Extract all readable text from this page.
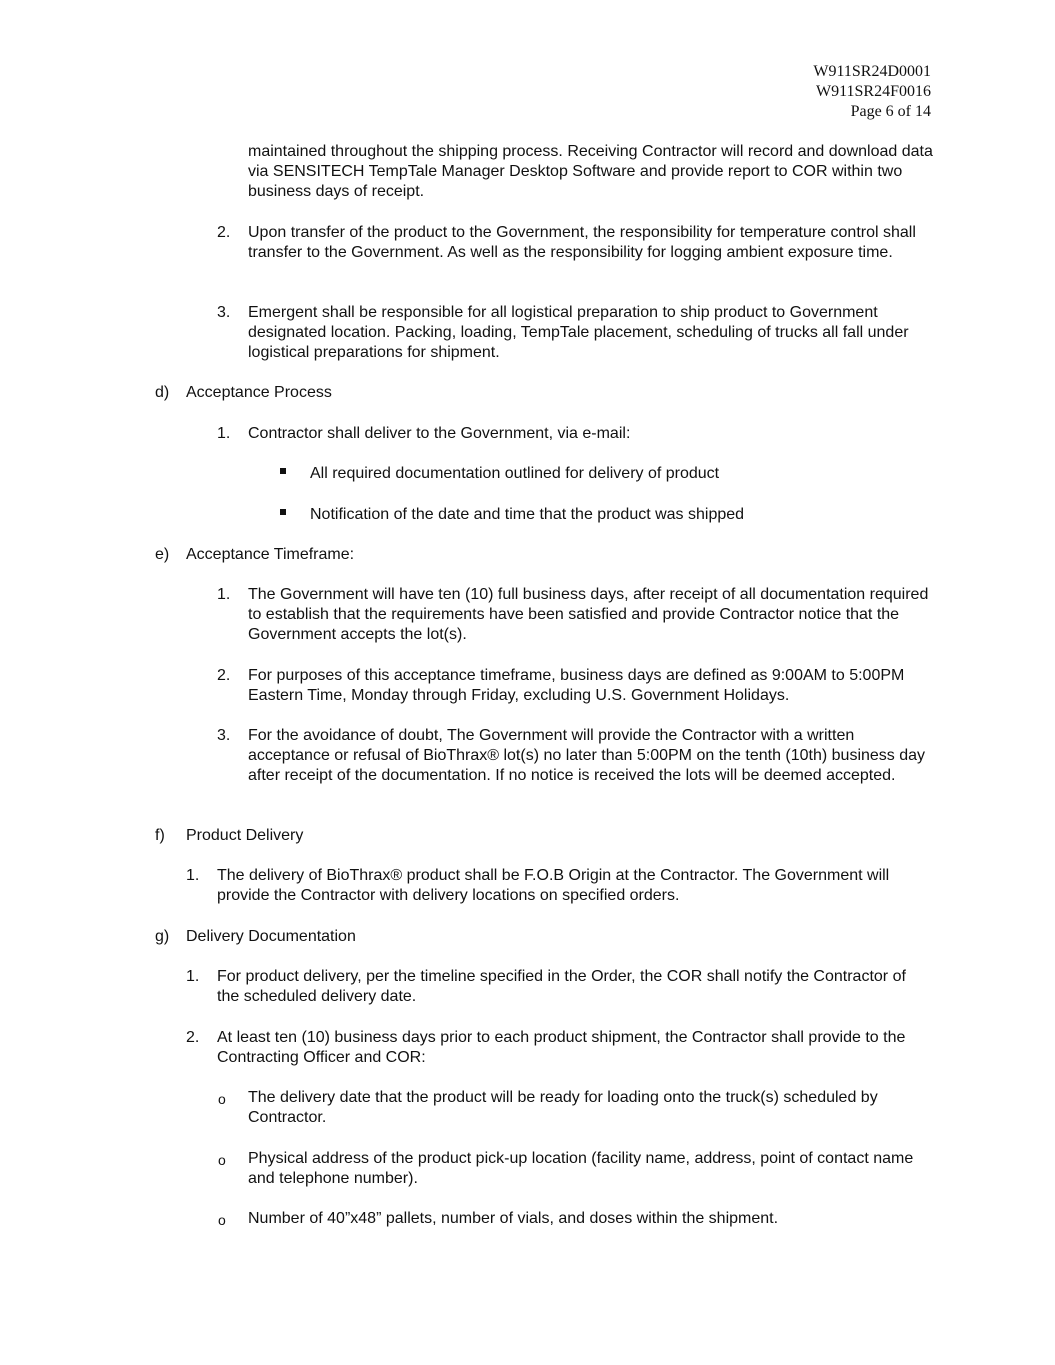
W911SR24D0001
W911SR24F0016
Page 6 of 14
maintained throughout the shipping process. Receiving Contractor will record and download data via SENSITECH TempTale Manager Desktop Software and provide report to COR within two business days of receipt.
2. Upon transfer of the product to the Government, the responsibility for temperature control shall transfer to the Government. As well as the responsibility for logging ambient exposure time.
3. Emergent shall be responsible for all logistical preparation to ship product to Government designated location. Packing, loading, TempTale placement, scheduling of trucks all fall under logistical preparations for shipment.
d) Acceptance Process
1. Contractor shall deliver to the Government, via e-mail:
All required documentation outlined for delivery of product
Notification of the date and time that the product was shipped
e) Acceptance Timeframe:
1. The Government will have ten (10) full business days, after receipt of all documentation required to establish that the requirements have been satisfied and provide Contractor notice that the Government accepts the lot(s).
2. For purposes of this acceptance timeframe, business days are defined as 9:00AM to 5:00PM Eastern Time, Monday through Friday, excluding U.S. Government Holidays.
3. For the avoidance of doubt, The Government will provide the Contractor with a written acceptance or refusal of BioThrax® lot(s) no later than 5:00PM on the tenth (10th) business day after receipt of the documentation. If no notice is received the lots will be deemed accepted.
f) Product Delivery
1. The delivery of BioThrax® product shall be F.O.B Origin at the Contractor. The Government will provide the Contractor with delivery locations on specified orders.
g) Delivery Documentation
1. For product delivery, per the timeline specified in the Order, the COR shall notify the Contractor of the scheduled delivery date.
2. At least ten (10) business days prior to each product shipment, the Contractor shall provide to the Contracting Officer and COR:
o The delivery date that the product will be ready for loading onto the truck(s) scheduled by Contractor.
o Physical address of the product pick-up location (facility name, address, point of contact name and telephone number).
o Number of 40”x48” pallets, number of vials, and doses within the shipment.
